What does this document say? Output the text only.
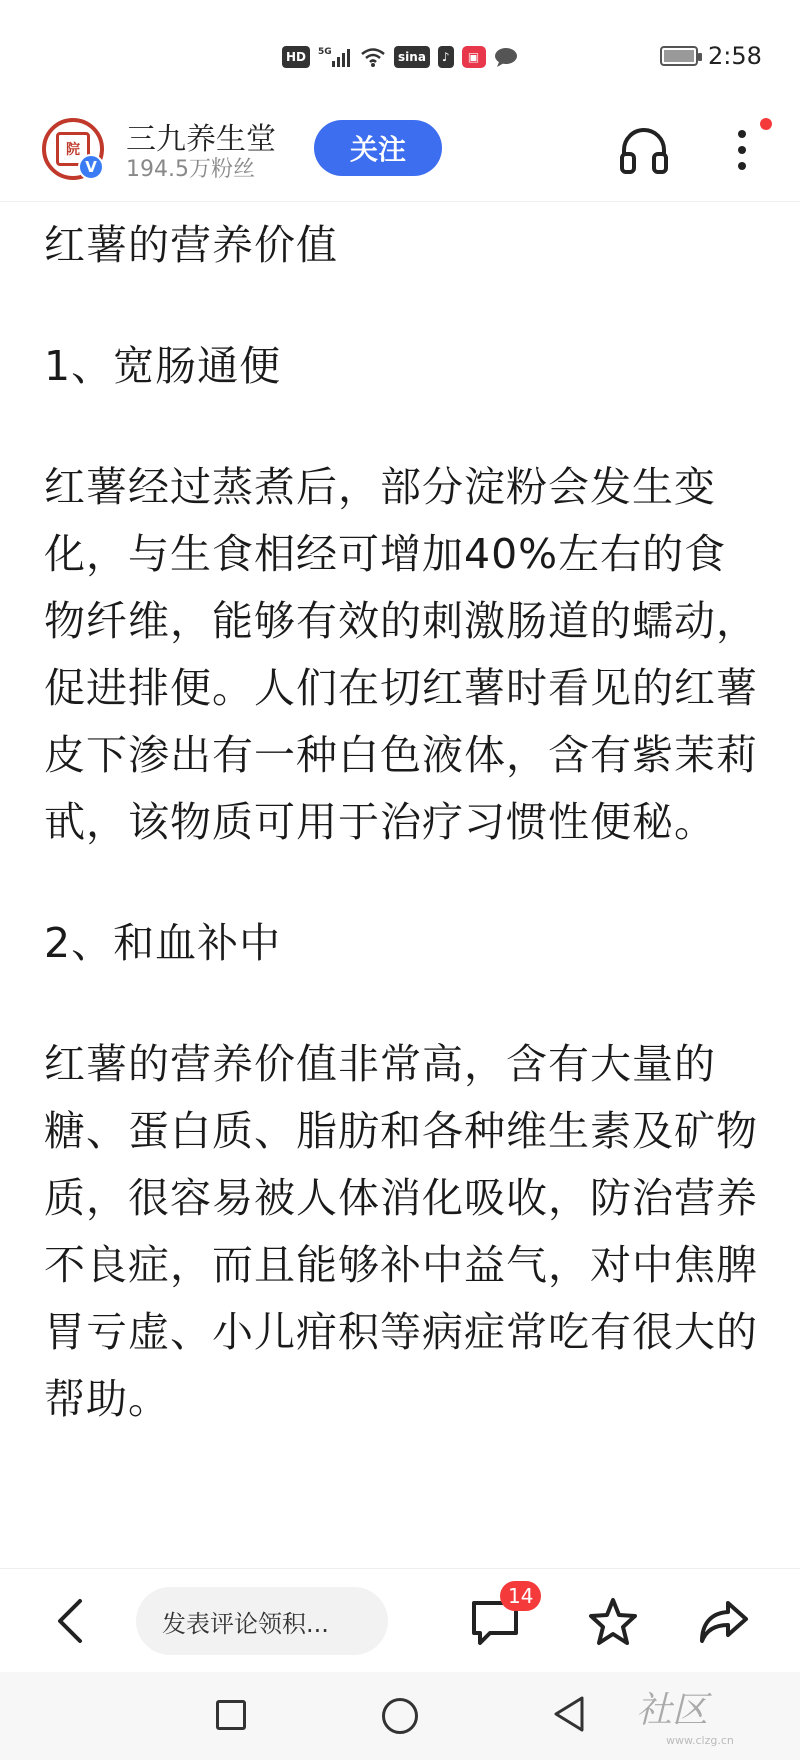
HD	5G	sina	♪	▣	2:58
院
V
三九养生堂
194.5万粉丝
关注

红薯的营养价值

1、宽肠通便

红薯经过蒸煮后，部分淀粉会发生变化，与生食相经可增加40%左右的食物纤维，能够有效的刺激肠道的蠕动，促进排便。人们在切红薯时看见的红薯皮下渗出有一种白色液体，含有紫茉莉甙，该物质可用于治疗习惯性便秘。

2、和血补中

红薯的营养价值非常高，含有大量的糖、蛋白质、脂肪和各种维生素及矿物质，很容易被人体消化吸收，防治营养不良症，而且能够补中益气，对中焦脾胃亏虚、小儿疳积等病症常吃有很大的帮助。

发表评论领积...
14
社区
www.clzg.cn
